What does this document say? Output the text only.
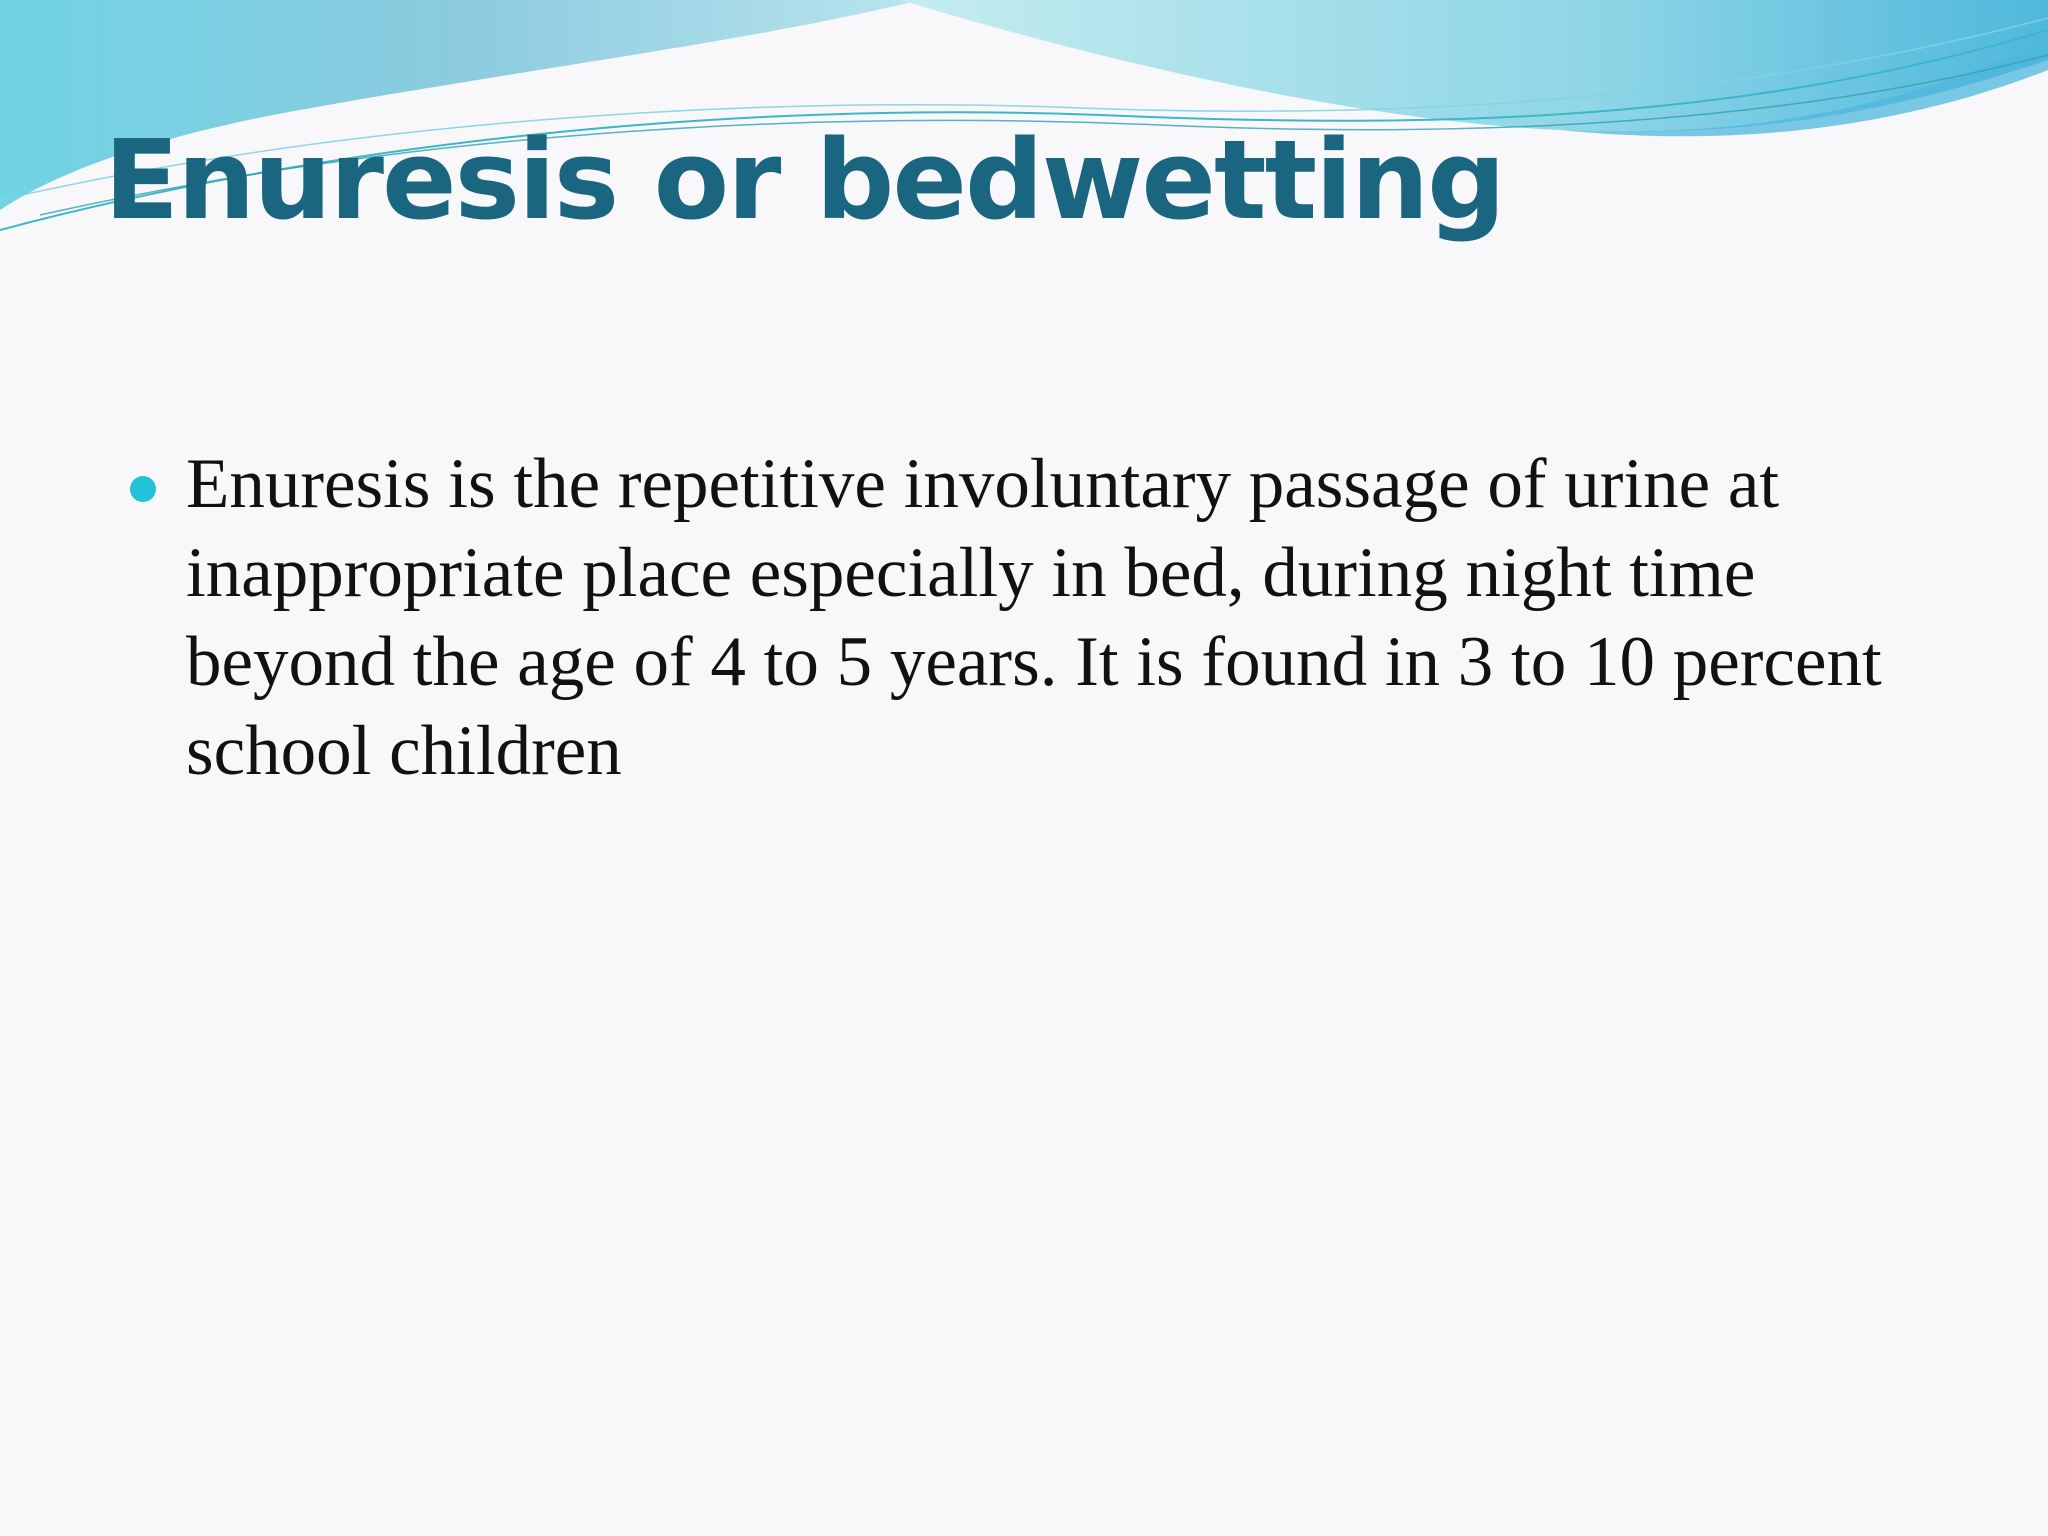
Enuresis or bedwetting
Enuresis is the repetitive involuntary passage of urine at inappropriate place especially in bed, during night time beyond the age of 4 to 5 years. It is found in 3 to 10 percent school children
